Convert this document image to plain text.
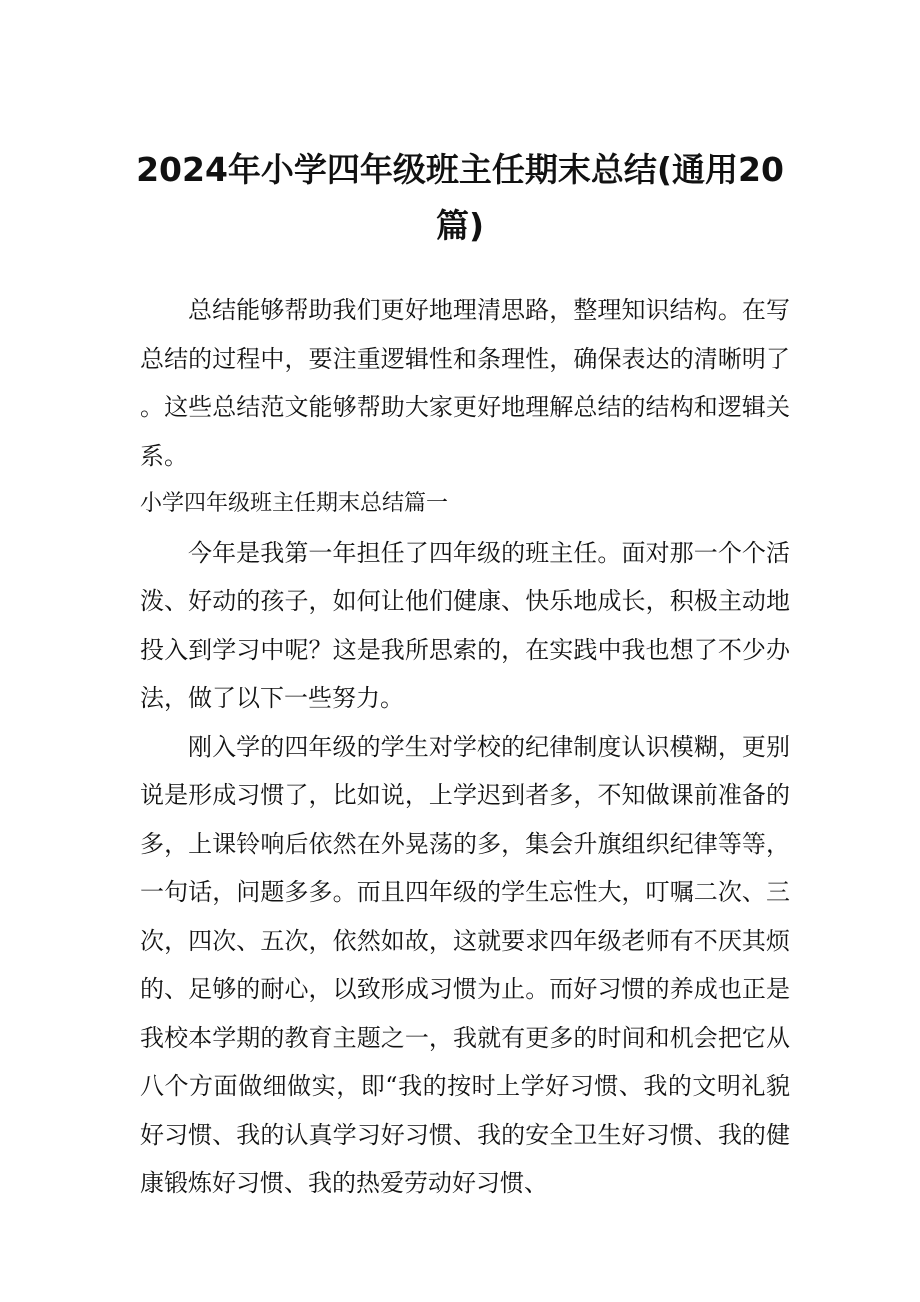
2024年小学四年级班主任期末总结(通用20篇)

总结能够帮助我们更好地理清思路，整理知识结构。在写总结的过程中，要注重逻辑性和条理性，确保表达的清晰明了。这些总结范文能够帮助大家更好地理解总结的结构和逻辑关系。

小学四年级班主任期末总结篇一

今年是我第一年担任了四年级的班主任。面对那一个个活泼、好动的孩子，如何让他们健康、快乐地成长，积极主动地投入到学习中呢？这是我所思索的，在实践中我也想了不少办法，做了以下一些努力。

刚入学的四年级的学生对学校的纪律制度认识模糊，更别说是形成习惯了，比如说，上学迟到者多，不知做课前准备的多，上课铃响后依然在外晃荡的多，集会升旗组织纪律等等，一句话，问题多多。而且四年级的学生忘性大，叮嘱二次、三次，四次、五次，依然如故，这就要求四年级老师有不厌其烦的、足够的耐心，以致形成习惯为止。而好习惯的养成也正是我校本学期的教育主题之一，我就有更多的时间和机会把它从八个方面做细做实，即“我的按时上学好习惯、我的文明礼貌好习惯、我的认真学习好习惯、我的安全卫生好习惯、我的健康锻炼好习惯、我的热爱劳动好习惯、
